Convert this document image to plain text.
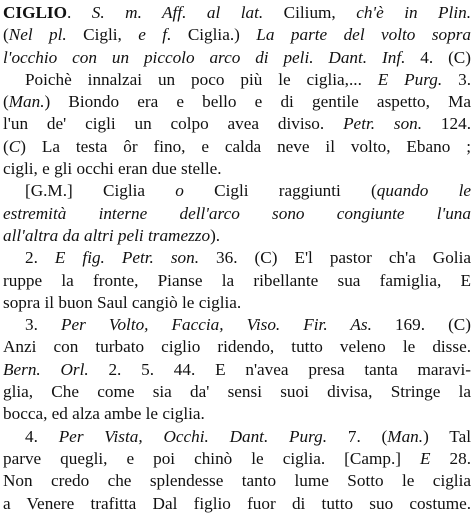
CIGLIO. S. m. Aff. al lat. Cilium, ch'è in Plin.
(Nel pl. Cigli, e f. Ciglia.) La parte del volto sopra
l'occhio con un piccolo arco di peli. Dant. Inf. 4. (C)
Poichè innalzai un poco più le ciglia,... E Purg. 3.
(Man.) Biondo era e bello e di gentile aspetto, Ma
l'un de' cigli un colpo avea diviso. Petr. son. 124.
(C) La testa ôr fino, e calda neve il volto, Ebano ;
cigli, e gli occhi eran due stelle.
[G.M.] Ciglia o Cigli raggiunti (quando le
estremità interne dell'arco sono congiunte l'una
all'altra da altri peli tramezzo).
2. E fig. Petr. son. 36. (C) E'l pastor ch'a Golia
ruppe la fronte, Pianse la ribellante sua famiglia, E
sopra il buon Saul cangiò le ciglia.
3. Per Volto, Faccia, Viso. Fir. As. 169. (C)
Anzi con turbato ciglio ridendo, tutto veleno le disse.
Bern. Orl. 2. 5. 44. E n'avea presa tanta maravi-
glia, Che come sia da' sensi suoi divisa, Stringe la
bocca, ed alza ambe le ciglia.
4. Per Vista, Occhi. Dant. Purg. 7. (Man.) Tal
parve quegli, e poi chinò le ciglia. [Camp.] E 28.
Non credo che splendesse tanto lume Sotto le ciglia
a Venere trafitta Dal figlio fuor di tutto suo costume.
